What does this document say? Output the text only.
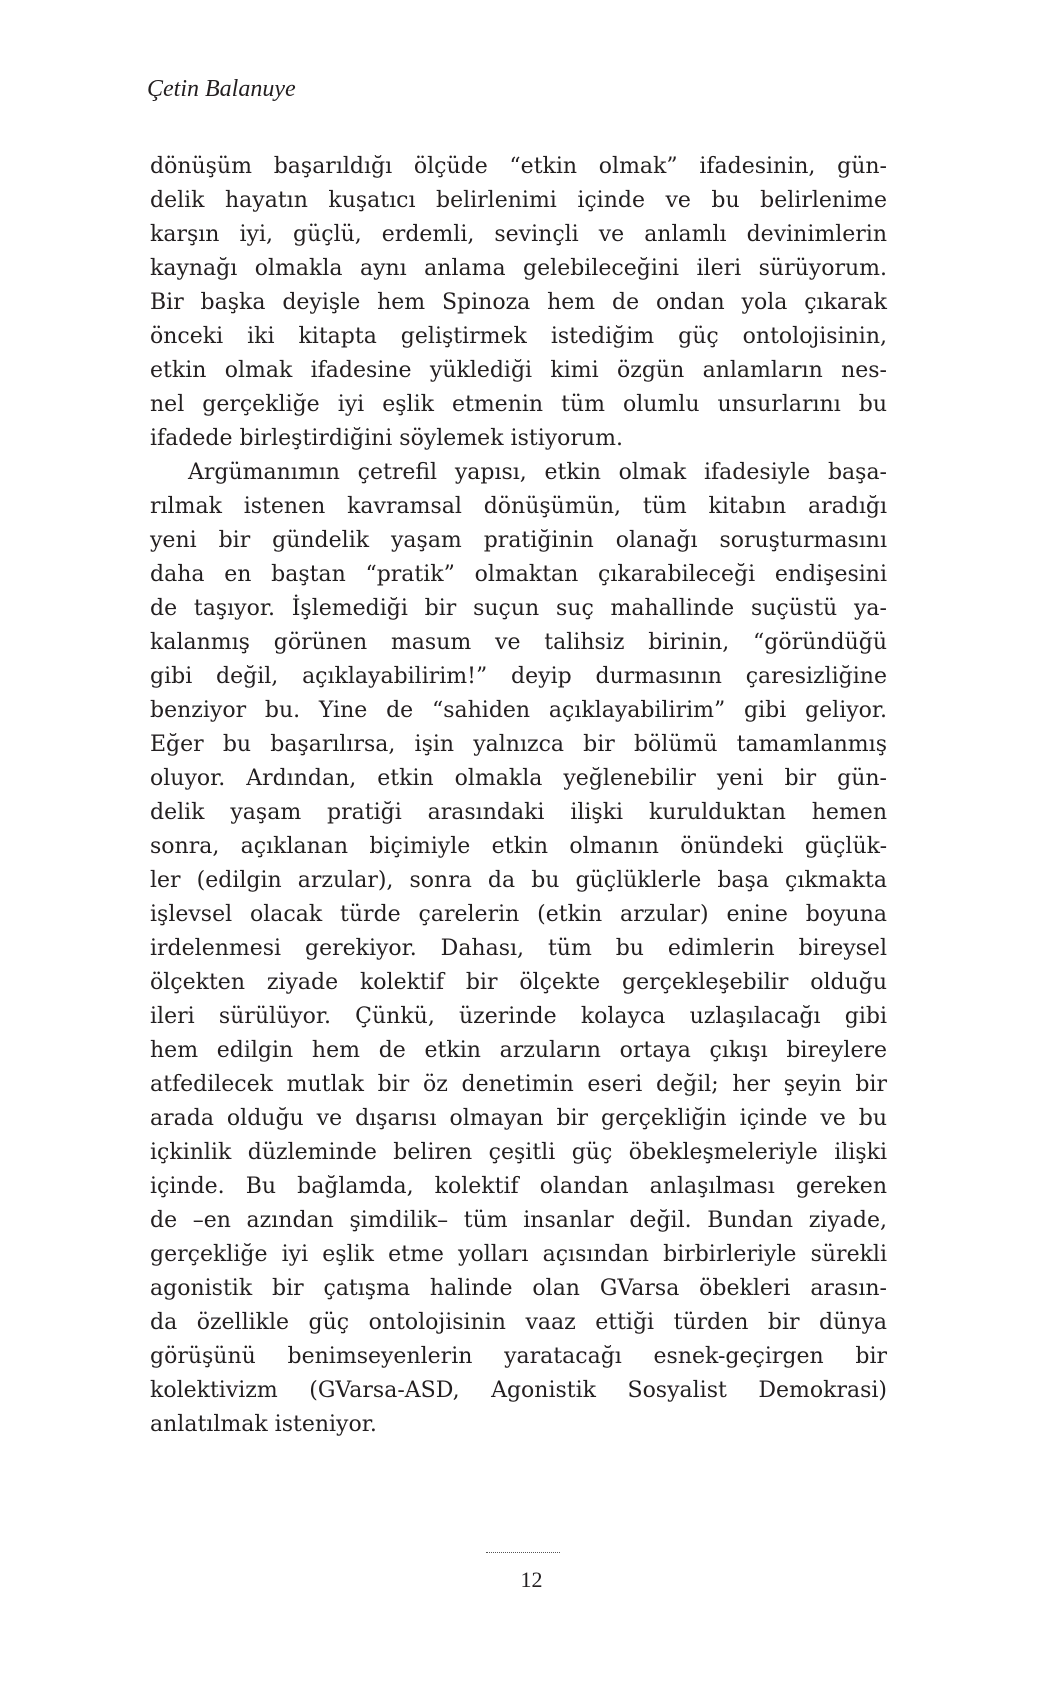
Çetin Balanuye
dönüşüm başarıldığı ölçüde “etkin olmak” ifadesinin, gün-
delik hayatın kuşatıcı belirlenimi içinde ve bu belirlenime
karşın iyi, güçlü, erdemli, sevinçli ve anlamlı devinimlerin
kaynağı olmakla aynı anlama gelebileceğini ileri sürüyorum.
Bir başka deyişle hem Spinoza hem de ondan yola çıkarak
önceki iki kitapta geliştirmek istediğim güç ontolojisinin,
etkin olmak ifadesine yüklediği kimi özgün anlamların nes-
nel gerçekliğe iyi eşlik etmenin tüm olumlu unsurlarını bu
ifadede birleştirdiğini söylemek istiyorum.
Argümanımın çetrefil yapısı, etkin olmak ifadesiyle başa-
rılmak istenen kavramsal dönüşümün, tüm kitabın aradığı
yeni bir gündelik yaşam pratiğinin olanağı soruşturmasını
daha en baştan “pratik” olmaktan çıkarabileceği endişesini
de taşıyor. İşlemediği bir suçun suç mahallinde suçüstü ya-
kalanmış görünen masum ve talihsiz birinin, “göründüğü
gibi değil, açıklayabilirim!” deyip durmasının çaresizliğine
benziyor bu. Yine de “sahiden açıklayabilirim” gibi geliyor.
Eğer bu başarılırsa, işin yalnızca bir bölümü tamamlanmış
oluyor. Ardından, etkin olmakla yeğlenebilir yeni bir gün-
delik yaşam pratiği arasındaki ilişki kurulduktan hemen
sonra, açıklanan biçimiyle etkin olmanın önündeki güçlük-
ler (edilgin arzular), sonra da bu güçlüklerle başa çıkmakta
işlevsel olacak türde çarelerin (etkin arzular) enine boyuna
irdelenmesi gerekiyor. Dahası, tüm bu edimlerin bireysel
ölçekten ziyade kolektif bir ölçekte gerçekleşebilir olduğu
ileri sürülüyor. Çünkü, üzerinde kolayca uzlaşılacağı gibi
hem edilgin hem de etkin arzuların ortaya çıkışı bireylere
atfedilecek mutlak bir öz denetimin eseri değil; her şeyin bir
arada olduğu ve dışarısı olmayan bir gerçekliğin içinde ve bu
içkinlik düzleminde beliren çeşitli güç öbekleşmeleriyle ilişki
içinde. Bu bağlamda, kolektif olandan anlaşılması gereken
de –en azından şimdilik– tüm insanlar değil. Bundan ziyade,
gerçekliğe iyi eşlik etme yolları açısından birbirleriyle sürekli
agonistik bir çatışma halinde olan GVarsa öbekleri arasın-
da özellikle güç ontolojisinin vaaz ettiği türden bir dünya
görüşünü benimseyenlerin yaratacağı esnek-geçirgen bir
kolektivizm (GVarsa-ASD, Agonistik Sosyalist Demokrasi)
anlatılmak isteniyor.
12
